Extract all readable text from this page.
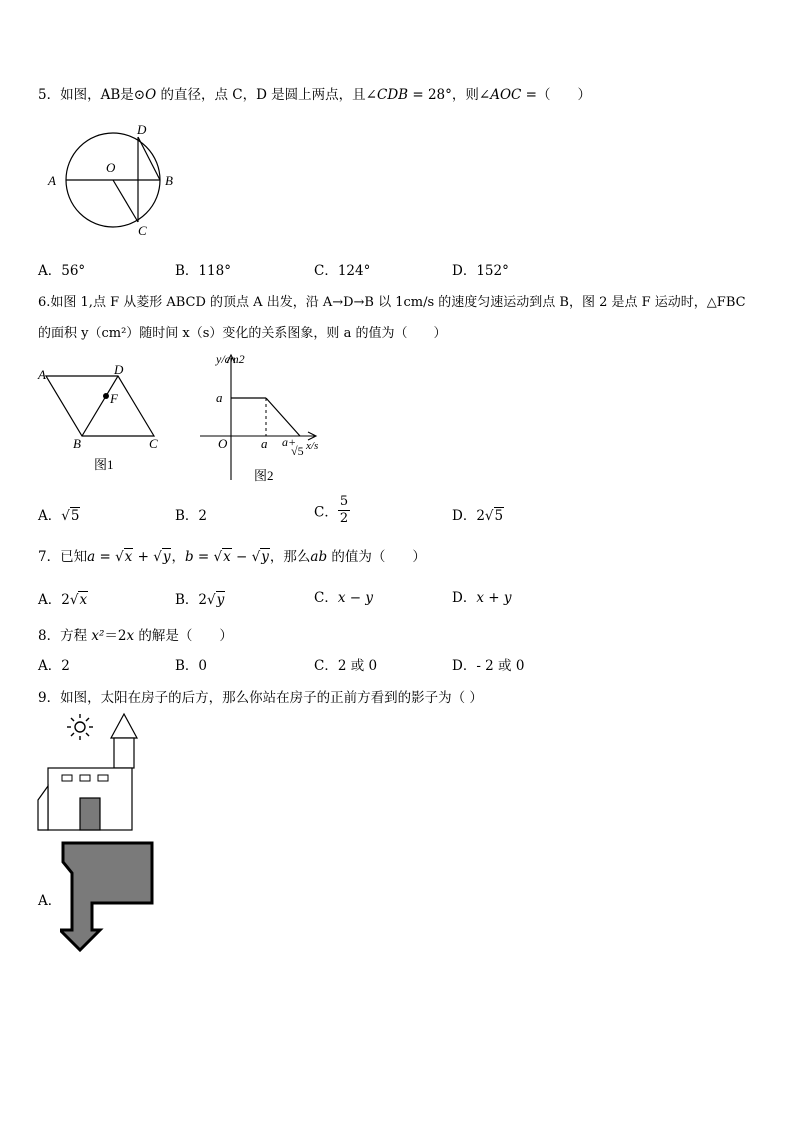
5．如图，AB是⊙O 的直径，点 C，D 是圆上两点，且∠CDB = 28°，则∠AOC =（　　）
A	B
C
D
O
A．56°	B．118°	C．124°	D．152°
6.如图 1,点 F 从菱形 ABCD 的顶点 A 出发，沿 A→D→B 以 1cm/s 的速度匀速运动到点 B，图 2 是点 F 运动时，△FBC
的面积 y（cm²）随时间 x（s）变化的关系图象，则 a 的值为（　　）
A	D
F
B	C
图1
y/cm2
a
O	a a+
√5 x/s
图2
A．√5	B．2	C． $\frac{5}{2}$	D．2√5
7．已知a = √x + √y，b = √x − √y，那么ab 的值为（　　）
A．2√x	B．2√y	C．x − y	D．x + y
8．方程 x²＝2x 的解是（　　）
A．2	B．0	C．2 或 0	D．- 2 或 0
9．如图，太阳在房子的后方，那么你站在房子的正前方看到的影子为（ ）
A．
